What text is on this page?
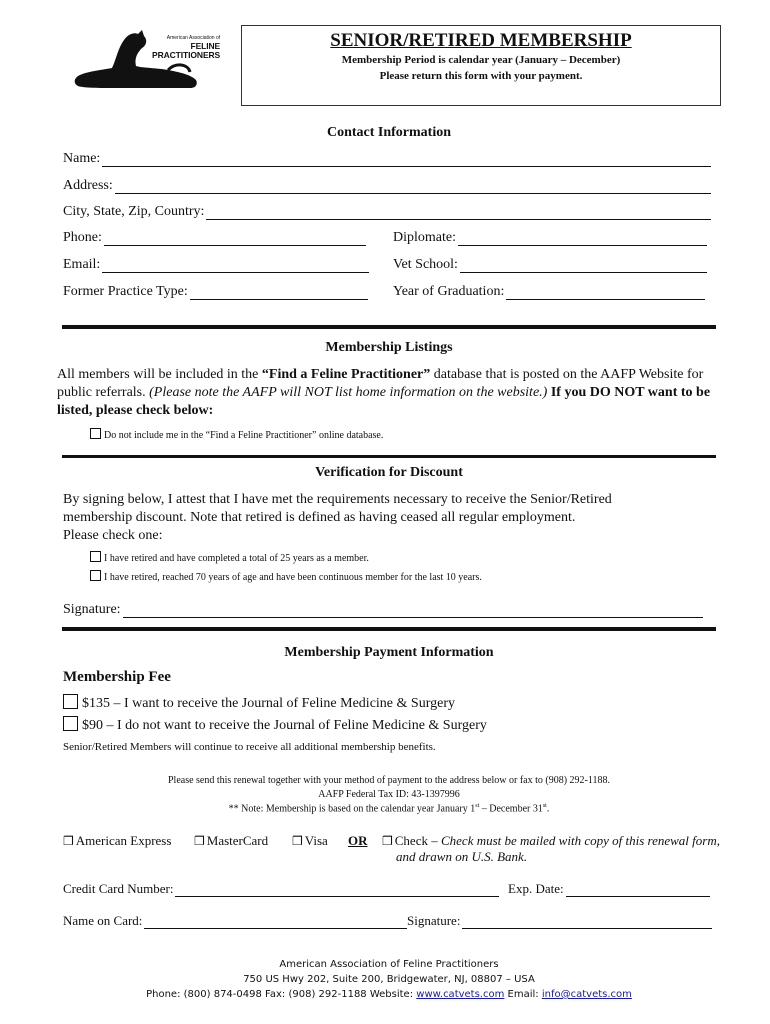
American Association of
FELINE
PRACTITIONERS
SENIOR/RETIRED MEMBERSHIP
Membership Period is calendar year (January – December)
Please return this form with your payment.
Contact Information
Name:
Address:
City, State, Zip, Country:
Phone:	Diplomate:
Email:	Vet School:
Former Practice Type:	Year of Graduation:
Membership Listings
All members will be included in the “Find a Feline Practitioner” database that is posted on the AAFP Website for public referrals. (Please note the AAFP will NOT list home information on the website.) If you DO NOT want to be listed, please check below:
Do not include me in the “Find a Feline Practitioner” online database.
Verification for Discount
By signing below, I attest that I have met the requirements necessary to receive the Senior/Retired membership discount. Note that retired is defined as having ceased all regular employment.
Please check one:
I have retired and have completed a total of 25 years as a member.
I have retired, reached 70 years of age and have been continuous member for the last 10 years.
Signature:
Membership Payment Information
Membership Fee
$135 – I want to receive the Journal of Feline Medicine & Surgery
$90 – I do not want to receive the Journal of Feline Medicine & Surgery
Senior/Retired Members will continue to receive all additional membership benefits.
Please send this renewal together with your method of payment to the address below or fax to (908) 292-1188.
AAFP Federal Tax ID: 43-1397996
** Note: Membership is based on the calendar year January 1st – December 31st.
❒ American Express ❒ MasterCard ❒ Visa OR ❒ Check – Check must be mailed with copy of this renewal form,
and drawn on U.S. Bank.
Credit Card Number:	Exp. Date:
Name on Card:	Signature:
American Association of Feline Practitioners
750 US Hwy 202, Suite 200, Bridgewater, NJ, 08807 – USA
Phone: (800) 874-0498 Fax: (908) 292-1188 Website: www.catvets.com Email: info@catvets.com
